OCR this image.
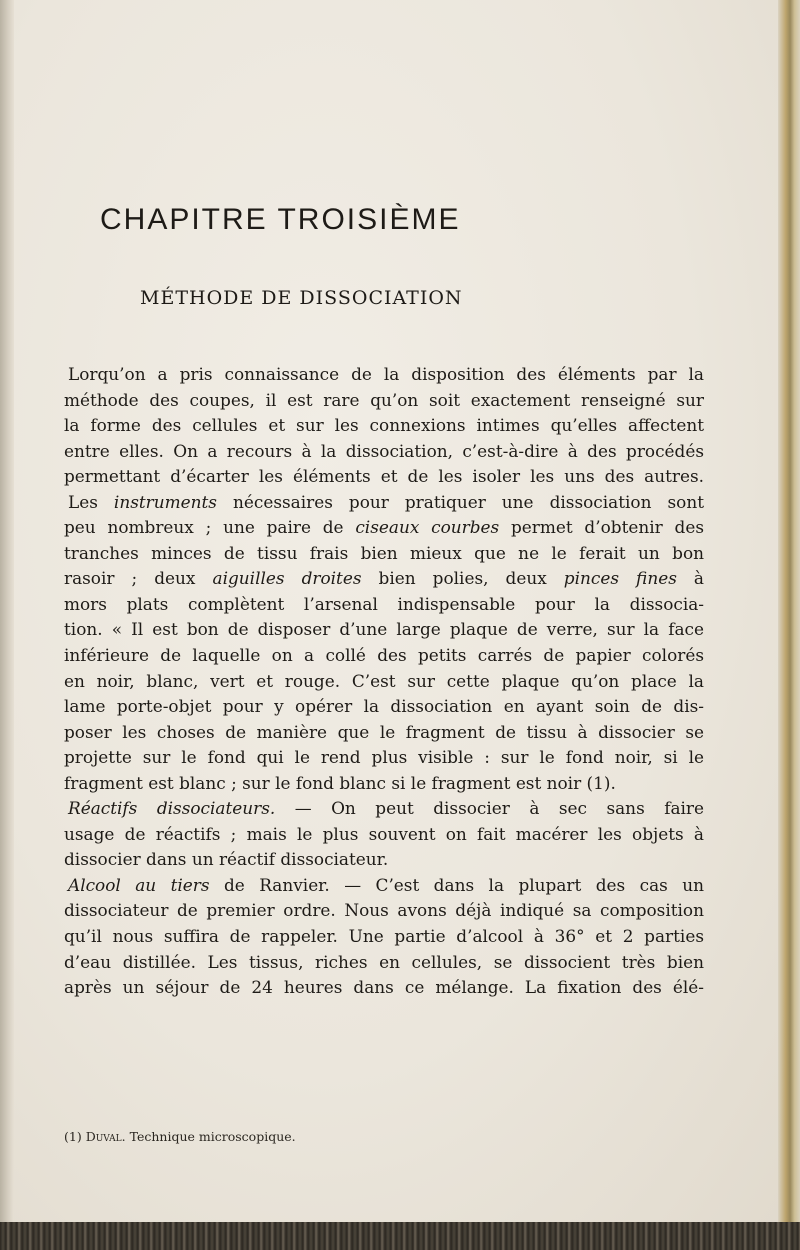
CHAPITRE TROISIÈME
MÉTHODE DE DISSOCIATION
Lorqu’on a pris connaissance de la disposition des éléments par la
méthode des coupes, il est rare qu’on soit exactement renseigné sur
la forme des cellules et sur les connexions intimes qu’elles affectent
entre elles. On a recours à la dissociation, c’est-à-dire à des procédés
permettant d’écarter les éléments et de les isoler les uns des autres.
Les instruments nécessaires pour pratiquer une dissociation sont
peu nombreux ; une paire de ciseaux courbes permet d’obtenir des
tranches minces de tissu frais bien mieux que ne le ferait un bon
rasoir ; deux aiguilles droites bien polies, deux pinces fines à
mors plats complètent l’arsenal indispensable pour la dissocia-
tion. « Il est bon de disposer d’une large plaque de verre, sur la face
inférieure de laquelle on a collé des petits carrés de papier colorés
en noir, blanc, vert et rouge. C’est sur cette plaque qu’on place la
lame porte-objet pour y opérer la dissociation en ayant soin de dis-
poser les choses de manière que le fragment de tissu à dissocier se
projette sur le fond qui le rend plus visible : sur le fond noir, si le
fragment est blanc ; sur le fond blanc si le fragment est noir (1).
Réactifs dissociateurs. — On peut dissocier à sec sans faire
usage de réactifs ; mais le plus souvent on fait macérer les objets à
dissocier dans un réactif dissociateur.
Alcool au tiers de Ranvier. — C’est dans la plupart des cas un
dissociateur de premier ordre. Nous avons déjà indiqué sa composition
qu’il nous suffira de rappeler. Une partie d’alcool à 36° et 2 parties
d’eau distillée. Les tissus, riches en cellules, se dissocient très bien
après un séjour de 24 heures dans ce mélange. La fixation des élé-
(1) Duval. Technique microscopique.
